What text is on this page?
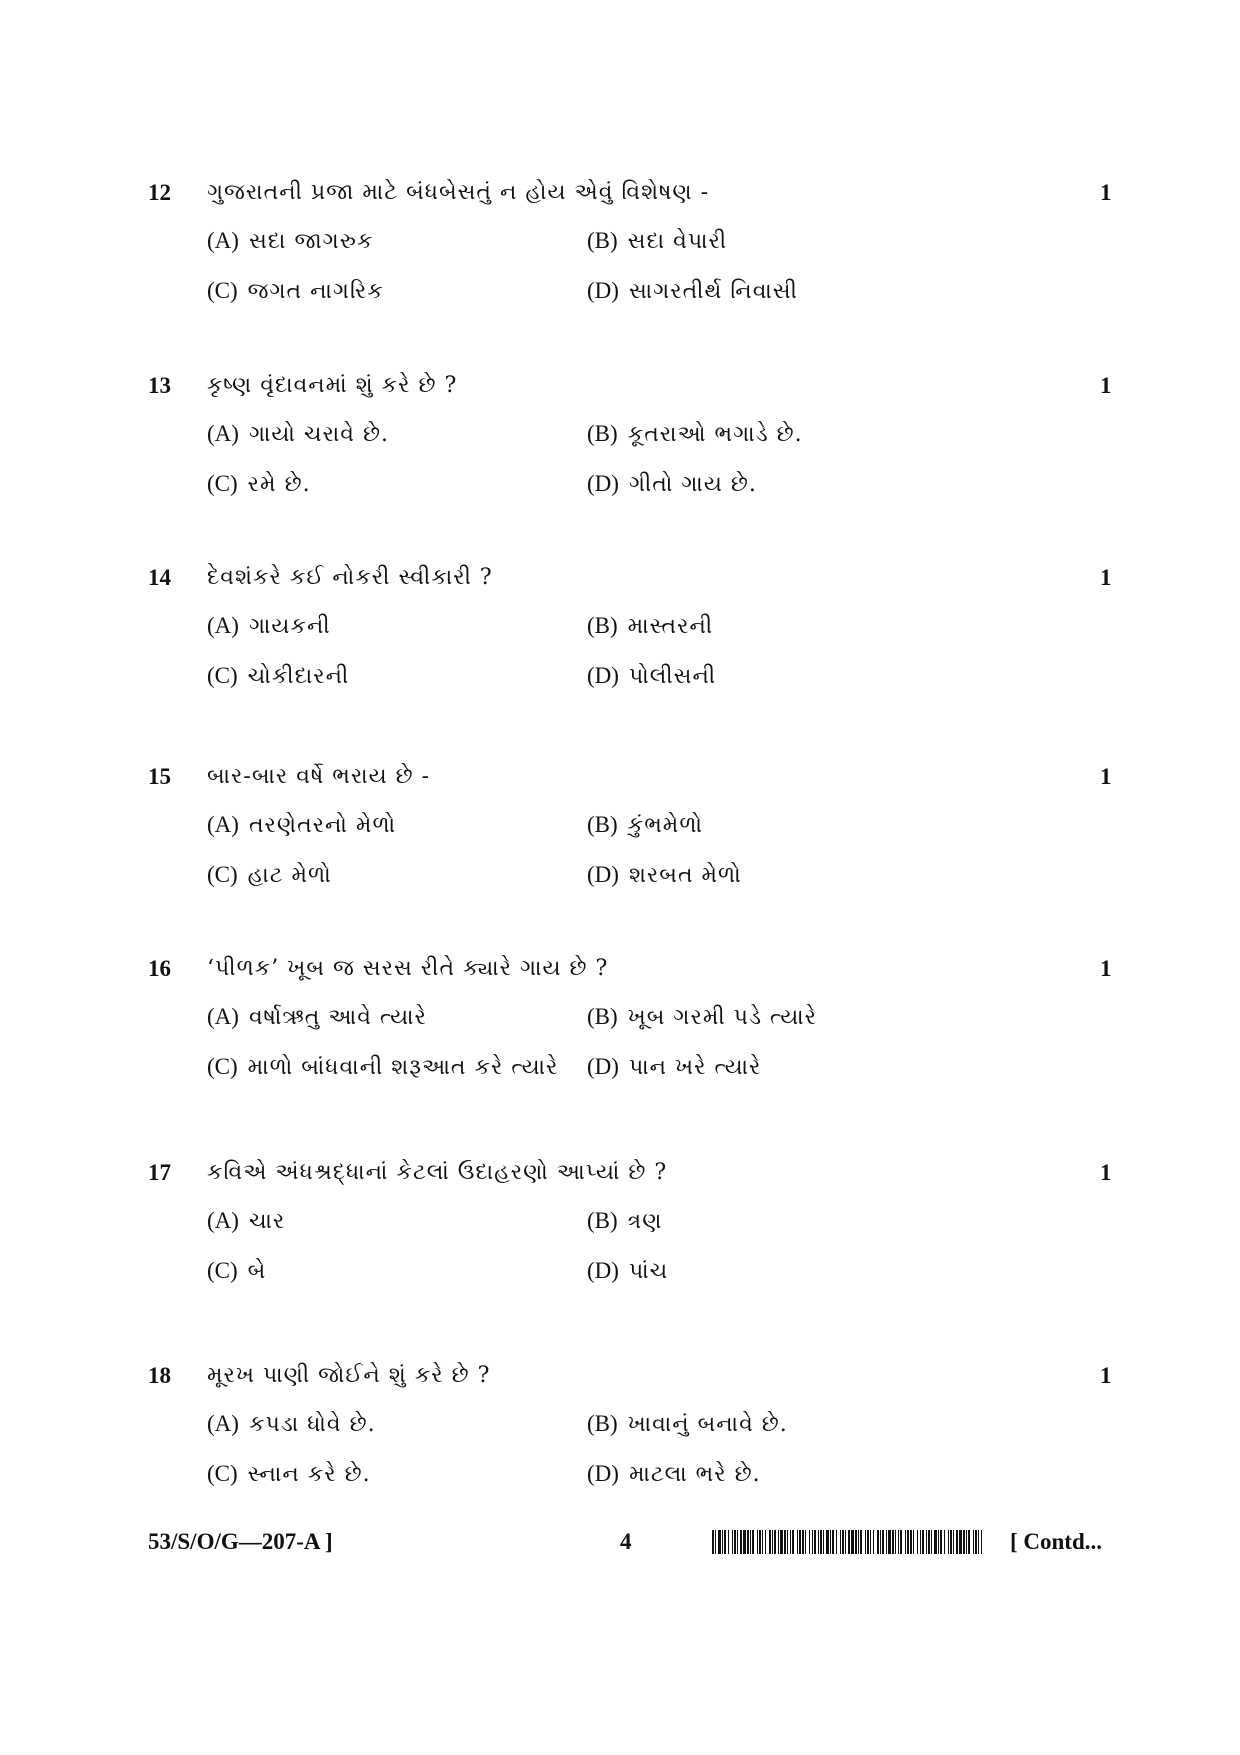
12 ગુજરાતની પ્રજા માટે બંધબેસતું ન હોય એવું વિશેષણ -	1
(A) સદા જાગરુક	(B) સદા વેપારી
(C) જગત નાગરિક	(D) સાગરતીર્થ નિવાસી
13 કૃષ્ણ વૃંદાવનમાં શું કરે છે ?	1
(A) ગાયો ચરાવે છે.	(B) કૂતરાઓ ભગાડે છે.
(C) રમે છે.	(D) ગીતો ગાય છે.
14 દેવશંકરે કઈ નોકરી સ્વીકારી ?	1
(A) ગાયકની	(B) માસ્તરની
(C) ચોકીદારની	(D) પોલીસની
15 બાર-બાર વર્ષે ભરાય છે -	1
(A) તરણેતરનો મેળો	(B) કુંભમેળો
(C) હાટ મેળો	(D) શરબત મેળો
16 ‘પીળક’ ખૂબ જ સરસ રીતે ક્યારે ગાય છે ?	1
(A) વર્ષાઋતુ આવે ત્યારે	(B) ખૂબ ગરમી પડે ત્યારે
(C) માળો બાંધવાની શરૂઆત કરે ત્યારે (D) પાન ખરે ત્યારે
17 કવિએ અંધશ્રદ્ધાનાં કેટલાં ઉદાહરણો આપ્યાં છે ?	1
(A) ચાર	(B) ત્રણ
(C) બે	(D) પાંચ
18 મૂરખ પાણી જોઈને શું કરે છે ?	1
(A) કપડા ધોવે છે.	(B) ખાવાનું બનાવે છે.
(C) સ્નાન કરે છે.	(D) માટલા ભરે છે.
53/S/O/G—207-A ]	4	[ Contd...
